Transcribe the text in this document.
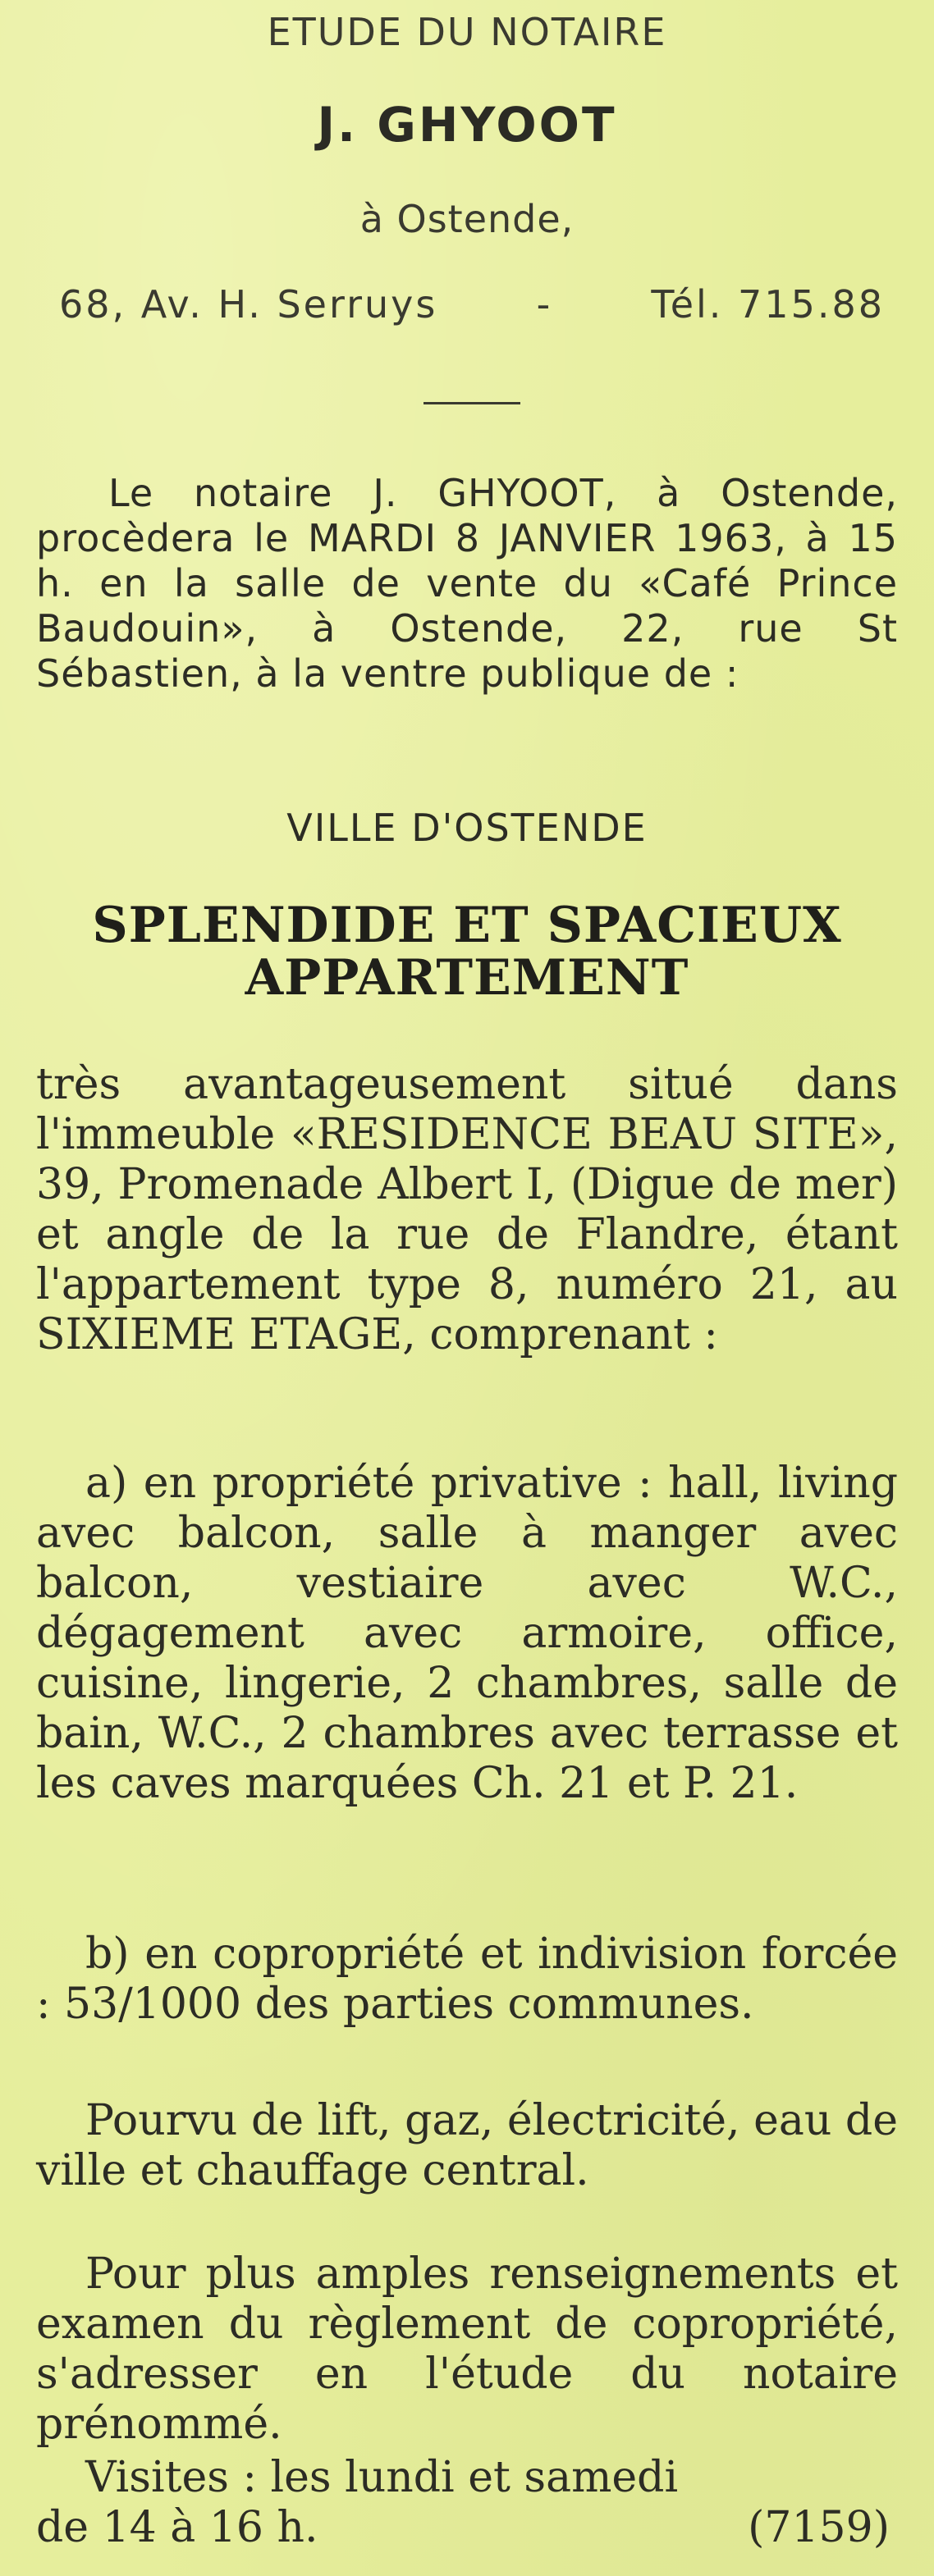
ETUDE DU NOTAIRE
J. GHYOOT
à Ostende,
68, Av. H. Serruys	-	Tél. 715.88
Le notaire J. GHYOOT, à Ostende, procèdera le MARDI 8 JANVIER 1963, à 15 h. en la salle de vente du «Café Prince Baudouin», à Ostende, 22, rue St Sébastien, à la ventre publique de :
VILLE D'OSTENDE
SPLENDIDE ET SPACIEUX
APPARTEMENT
très avantageusement situé dans l'immeuble «RESIDENCE BEAU SITE», 39, Promenade Albert I, (Digue de mer) et angle de la rue de Flandre, étant l'appartement type 8, numéro 21, au SIXIEME ETAGE, comprenant :
a) en propriété privative : hall, living avec balcon, salle à manger avec balcon, vestiaire avec W.C., dégagement avec armoire, office, cuisine, lingerie, 2 chambres, salle de bain, W.C., 2 chambres avec terrasse et les caves marquées Ch. 21 et P. 21.
b) en copropriété et indivision forcée : 53/1000 des parties communes.
Pourvu de lift, gaz, électricité, eau de ville et chauffage central.
Pour plus amples renseignements et examen du règlement de copropriété, s'adresser en l'étude du notaire prénommé.
Visites : les lundi et samedi
de 14 à 16 h.	(7159)
